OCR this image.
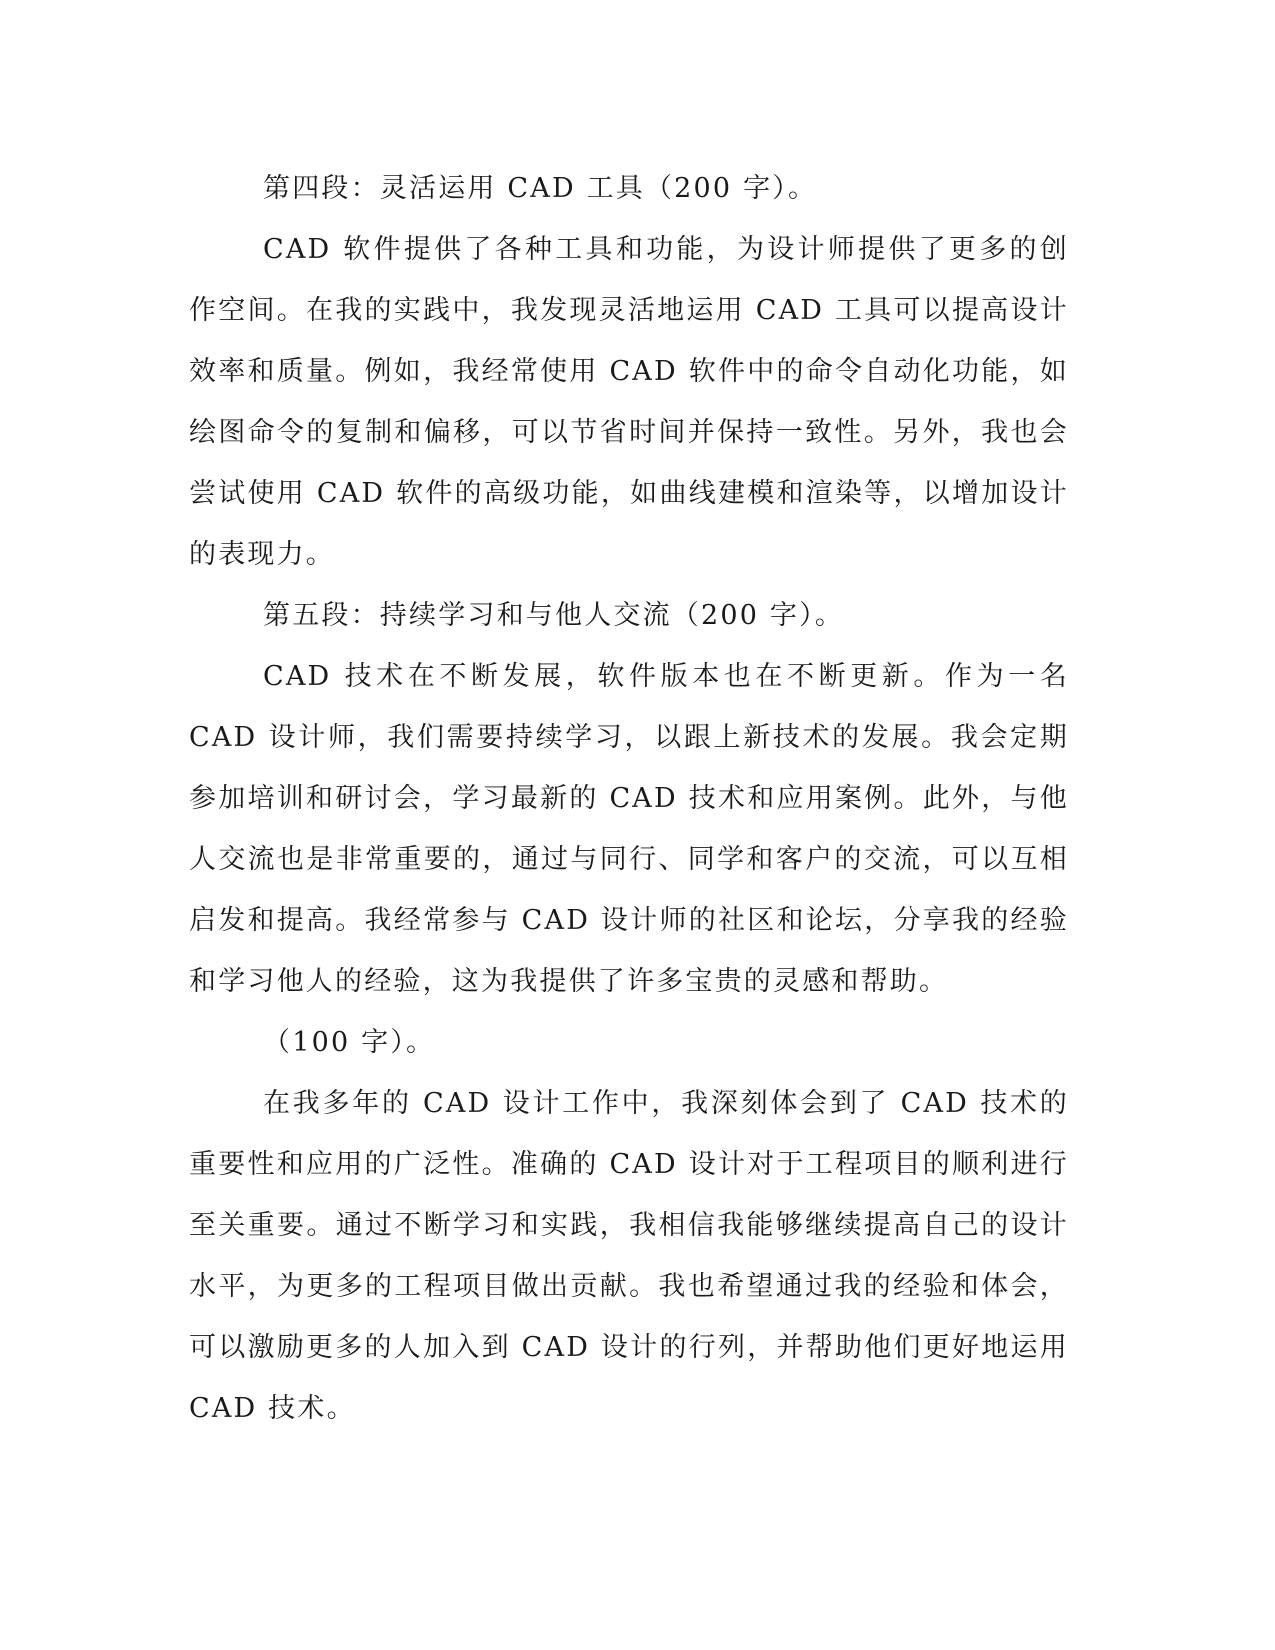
第四段：灵活运用 CAD 工具（200 字）。

CAD 软件提供了各种工具和功能，为设计师提供了更多的创作空间。在我的实践中，我发现灵活地运用 CAD 工具可以提高设计效率和质量。例如，我经常使用 CAD 软件中的命令自动化功能，如绘图命令的复制和偏移，可以节省时间并保持一致性。另外，我也会尝试使用 CAD 软件的高级功能，如曲线建模和渲染等，以增加设计的表现力。

第五段：持续学习和与他人交流（200 字）。

CAD 技术在不断发展，软件版本也在不断更新。作为一名 CAD 设计师，我们需要持续学习，以跟上新技术的发展。我会定期参加培训和研讨会，学习最新的 CAD 技术和应用案例。此外，与他人交流也是非常重要的，通过与同行、同学和客户的交流，可以互相启发和提高。我经常参与 CAD 设计师的社区和论坛，分享我的经验和学习他人的经验，这为我提供了许多宝贵的灵感和帮助。

（100 字）。

在我多年的 CAD 设计工作中，我深刻体会到了 CAD 技术的重要性和应用的广泛性。准确的 CAD 设计对于工程项目的顺利进行至关重要。通过不断学习和实践，我相信我能够继续提高自己的设计水平，为更多的工程项目做出贡献。我也希望通过我的经验和体会，可以激励更多的人加入到 CAD 设计的行列，并帮助他们更好地运用 CAD 技术。
